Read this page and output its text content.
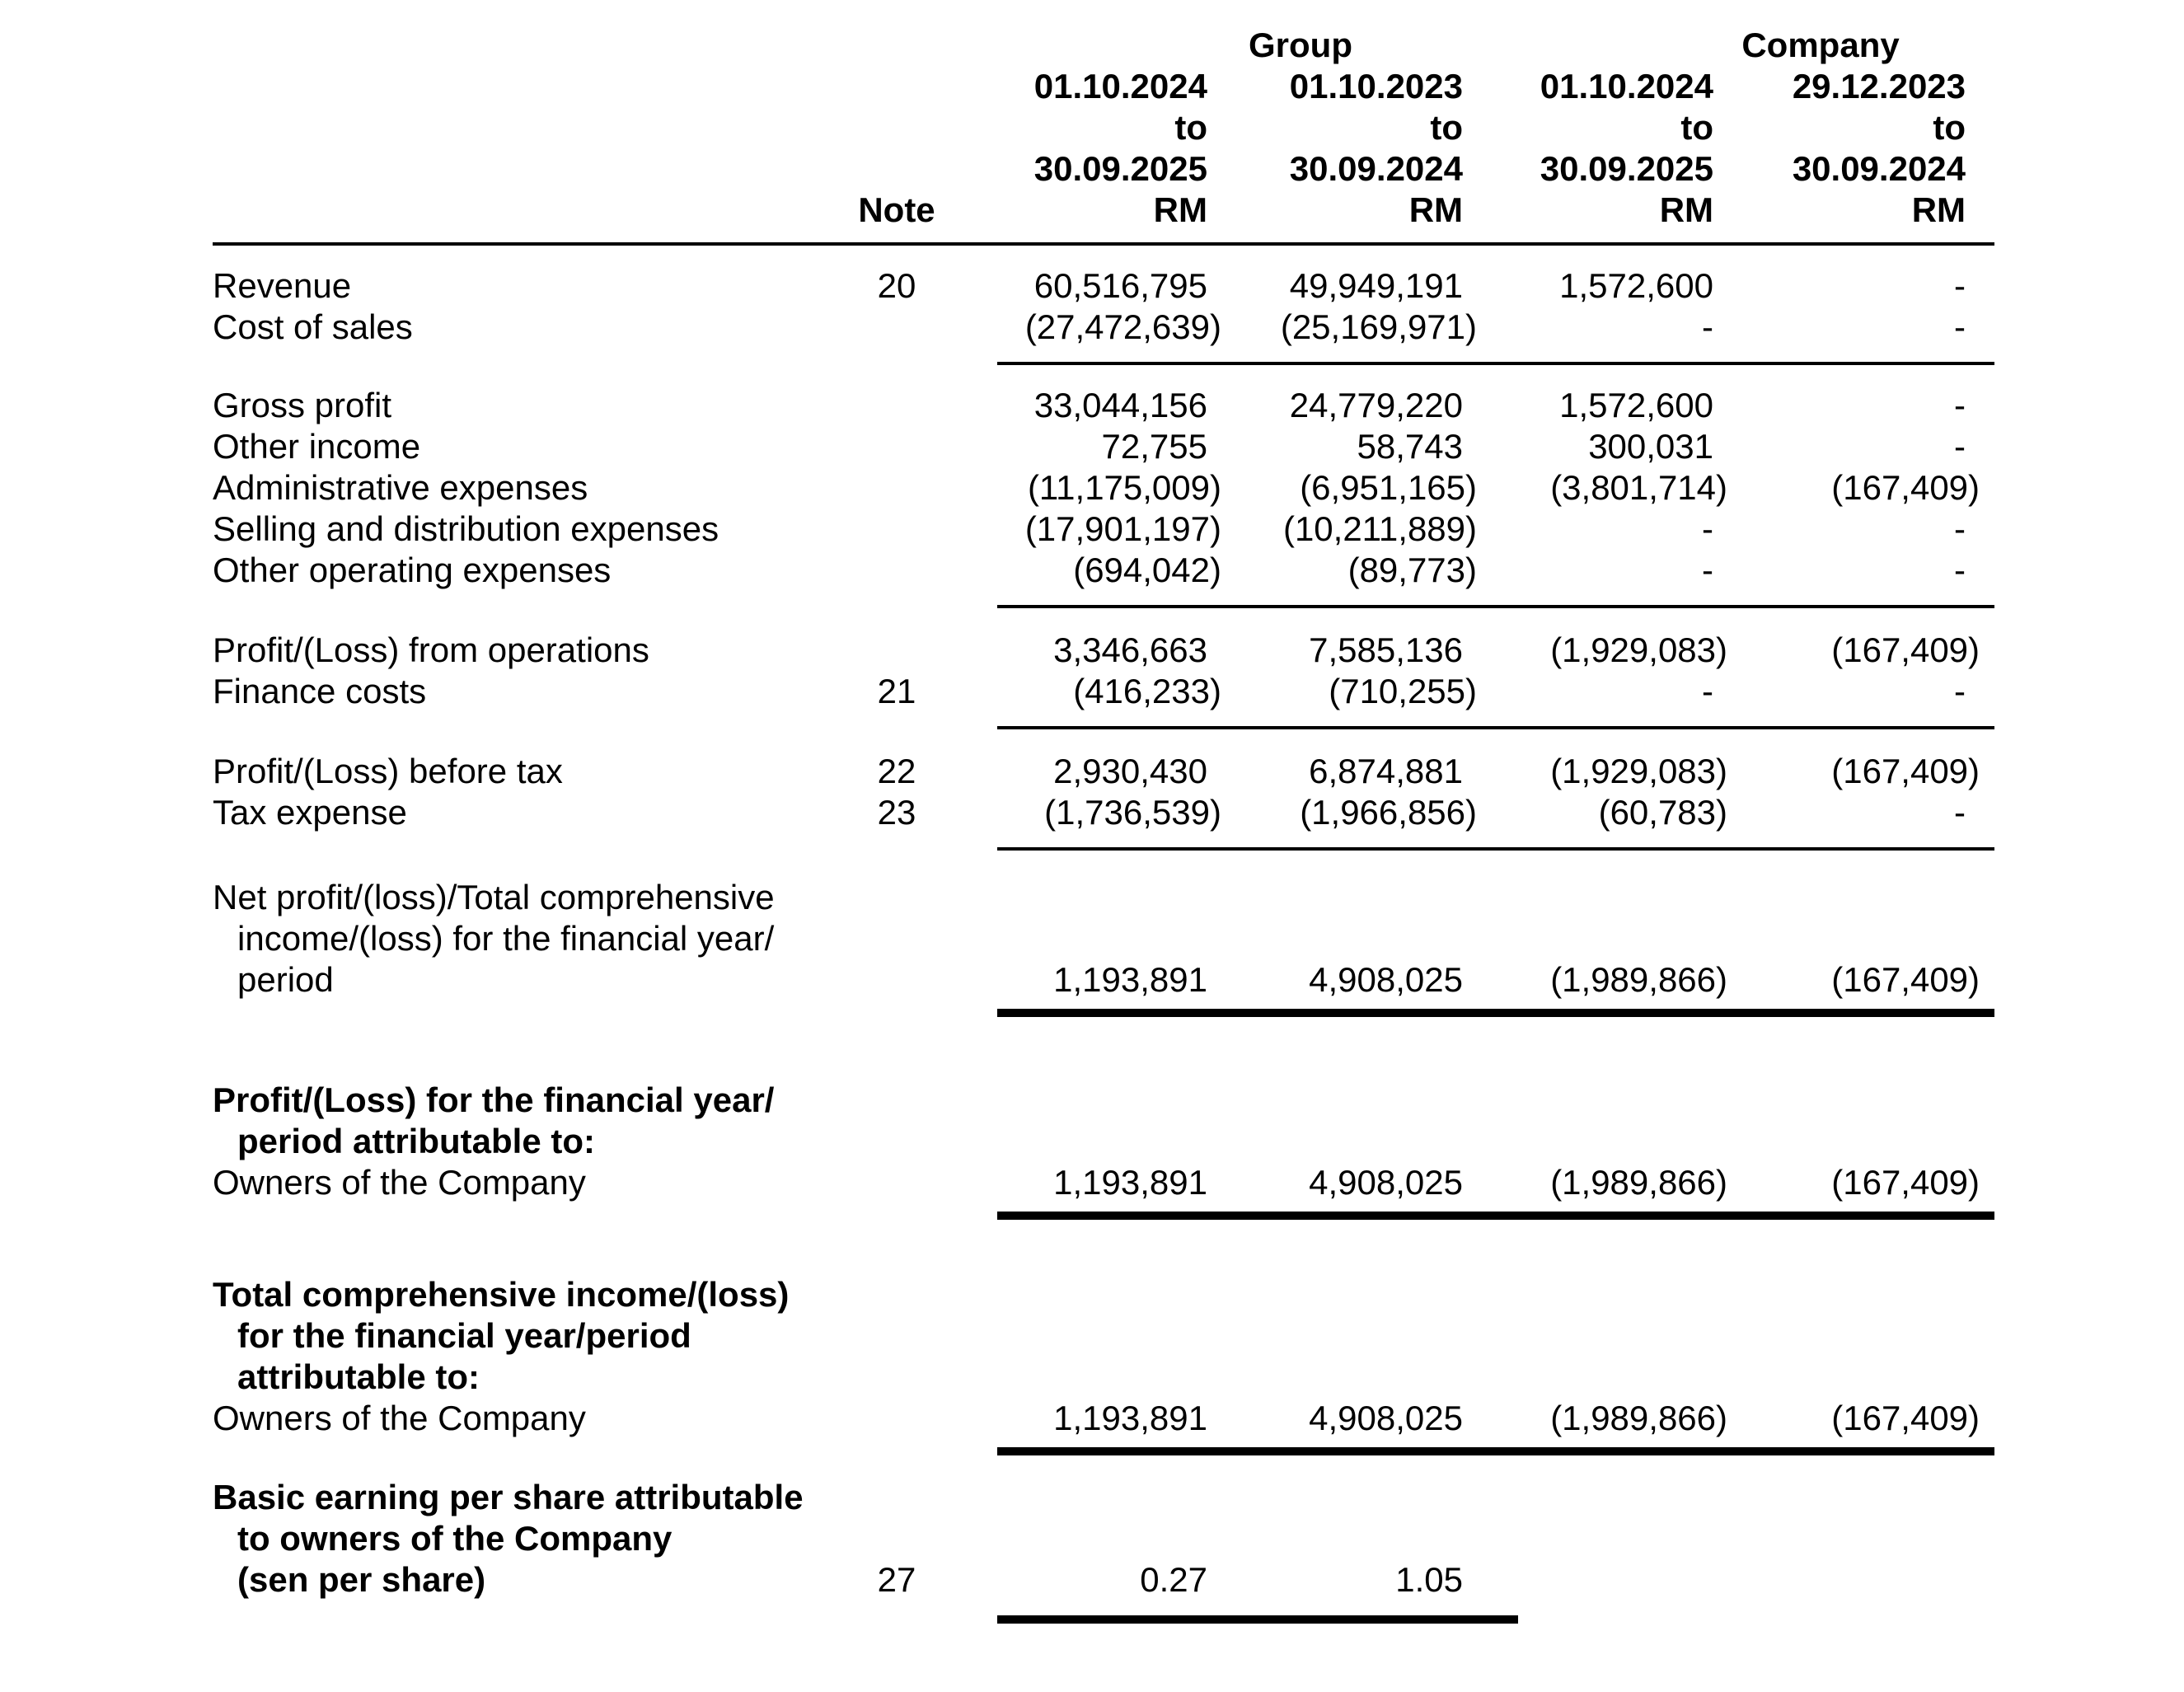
		Group		Company	
		01.10.2024	01.10.2023	01.10.2024	29.12.2023
		to	to	to	to
		30.09.2025	30.09.2024	30.09.2025	30.09.2024
	Note	RM	RM	RM	RM

Revenue	20	60,516,795	49,949,191	1,572,600	-
Cost of sales		(27,472,639)	(25,169,971)	-	-

Gross profit		33,044,156	24,779,220	1,572,600	-
Other income		72,755	58,743	300,031	-
Administrative expenses		(11,175,009)	(6,951,165)	(3,801,714)	(167,409)
Selling and distribution expenses		(17,901,197)	(10,211,889)	-	-
Other operating expenses		(694,042)	(89,773)	-	-

Profit/(Loss) from operations		3,346,663	7,585,136	(1,929,083)	(167,409)
Finance costs	21	(416,233)	(710,255)	-	-

Profit/(Loss) before tax	22	2,930,430	6,874,881	(1,929,083)	(167,409)
Tax expense	23	(1,736,539)	(1,966,856)	(60,783)	-

Net profit/(loss)/Total comprehensive					
income/(loss) for the financial year/					
period		1,193,891	4,908,025	(1,989,866)	(167,409)

Profit/(Loss) for the financial year/					
period attributable to:					
Owners of the Company		1,193,891	4,908,025	(1,989,866)	(167,409)

Total comprehensive income/(loss)					
for the financial year/period					
attributable to:					
Owners of the Company		1,193,891	4,908,025	(1,989,866)	(167,409)

Basic earning per share attributable					
to owners of the Company					
(sen per share)	27	0.27	1.05		
